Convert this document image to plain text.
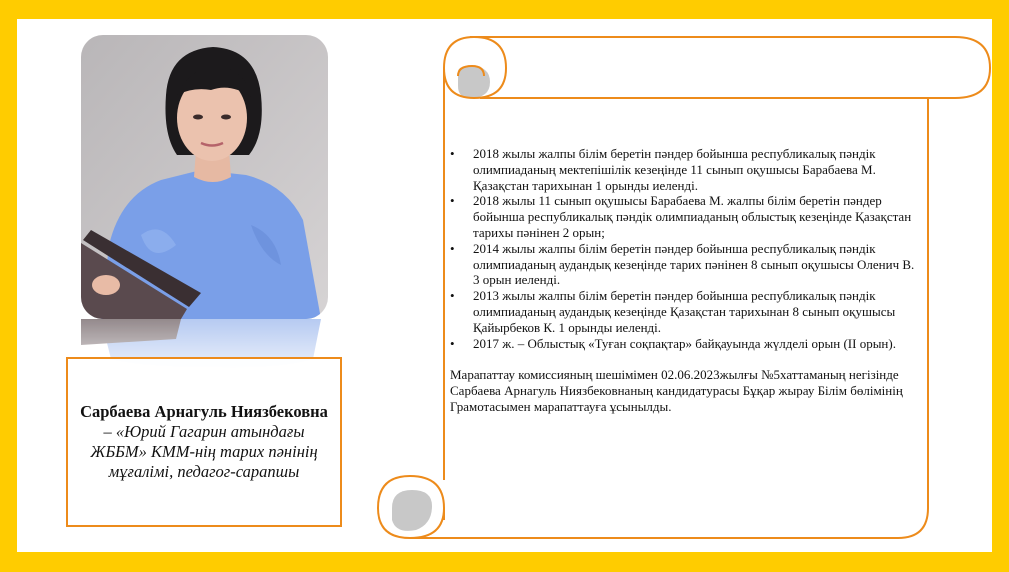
Сарбаева Арнагуль Ниязбековна – «Юрий Гагарин атындағы ЖББМ» КММ-нің тарих пәнінің мұғалімі, педагог-сарапшы

• 2018 жылы жалпы білім беретін пәндер бойынша республикалық пәндік олимпиаданың мектепішілік кезеңінде 11 сынып оқушысы Барабаева М. Қазақстан тарихынан 1 орынды иеленді.
• 2018 жылы 11 сынып оқушысы Барабаева М. жалпы білім беретін пәндер бойынша республикалық пәндік олимпиаданың облыстық кезеңінде Қазақстан тарихы пәнінен 2 орын;
• 2014 жылы жалпы білім беретін пәндер бойынша республикалық пәндік олимпиаданың аудандық кезеңінде тарих пәнінен 8 сынып оқушысы Оленич В. 3 орын иеленді.
• 2013 жылы жалпы білім беретін пәндер бойынша республикалық пәндік олимпиаданың аудандық кезеңінде Қазақстан тарихынан 8 сынып оқушысы Қайырбеков К. 1 орынды иеленді.
• 2017 ж. – Облыстық «Туған соқпақтар» байқауында жүлделі орын (ІІ орын).

Марапаттау комиссияның шешімімен 02.06.2023жылғы №5хаттаманың негізінде Сарбаева Арнагуль Ниязбековнаның кандидатурасы Бұқар жырау Білім бөлімінің Грамотасымен марапаттауға ұсынылды.
